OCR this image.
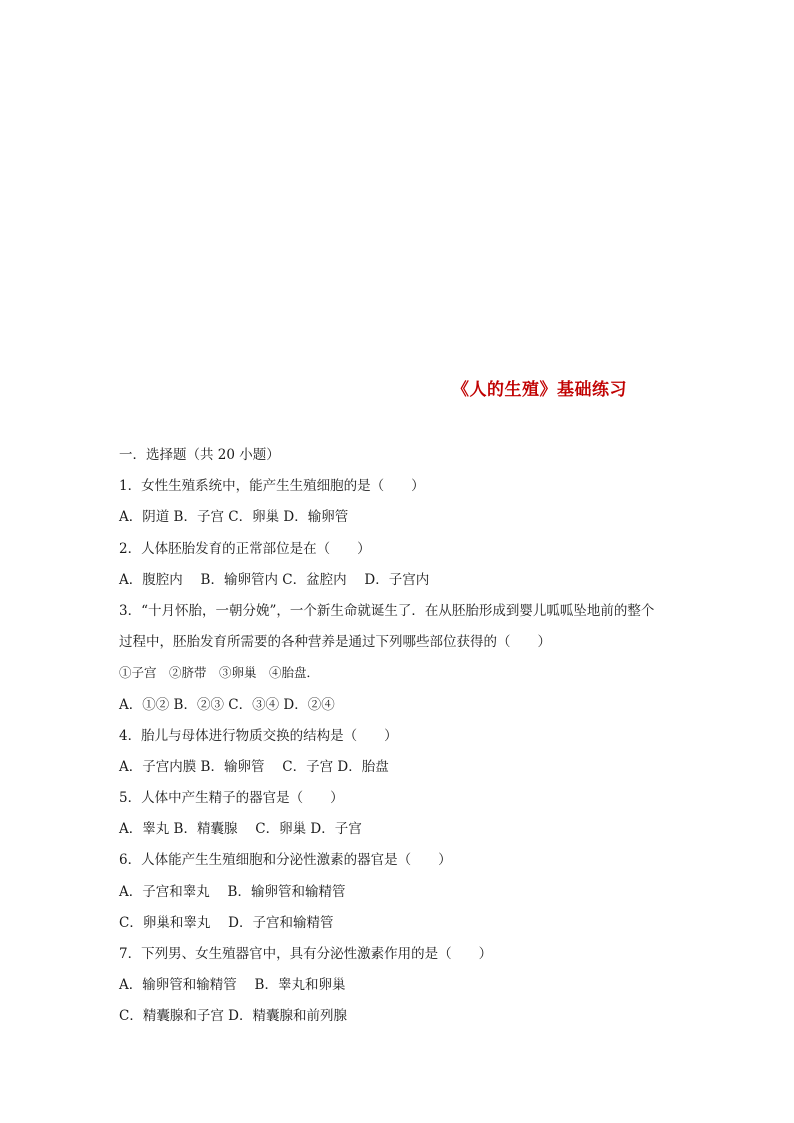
《人的生殖》基础练习
一．选择题（共 20 小题）
1．女性生殖系统中，能产生生殖细胞的是（　　）
A．阴道 B．子宫 C．卵巢 D．输卵管
2．人体胚胎发育的正常部位是在（　　）
A．腹腔内　 B．输卵管内 C．盆腔内　 D．子宫内
3．“十月怀胎，一朝分娩”，一个新生命就诞生了．在从胚胎形成到婴儿呱呱坠地前的整个
过程中，胚胎发育所需要的各种营养是通过下列哪些部位获得的（　　）
①子宫　②脐带　③卵巢　④胎盘．
A．①② B．②③ C．③④ D．②④
4．胎儿与母体进行物质交换的结构是（　　）
A．子宫内膜 B．输卵管　 C．子宫 D．胎盘
5．人体中产生精子的器官是（　　）
A．睾丸 B．精囊腺　 C．卵巢 D．子宫
6．人体能产生生殖细胞和分泌性激素的器官是（　　）
A．子宫和睾丸　 B．输卵管和输精管
C．卵巢和睾丸　 D．子宫和输精管
7．下列男、女生殖器官中，具有分泌性激素作用的是（　　）
A．输卵管和输精管　 B．睾丸和卵巢
C．精囊腺和子宫 D．精囊腺和前列腺
